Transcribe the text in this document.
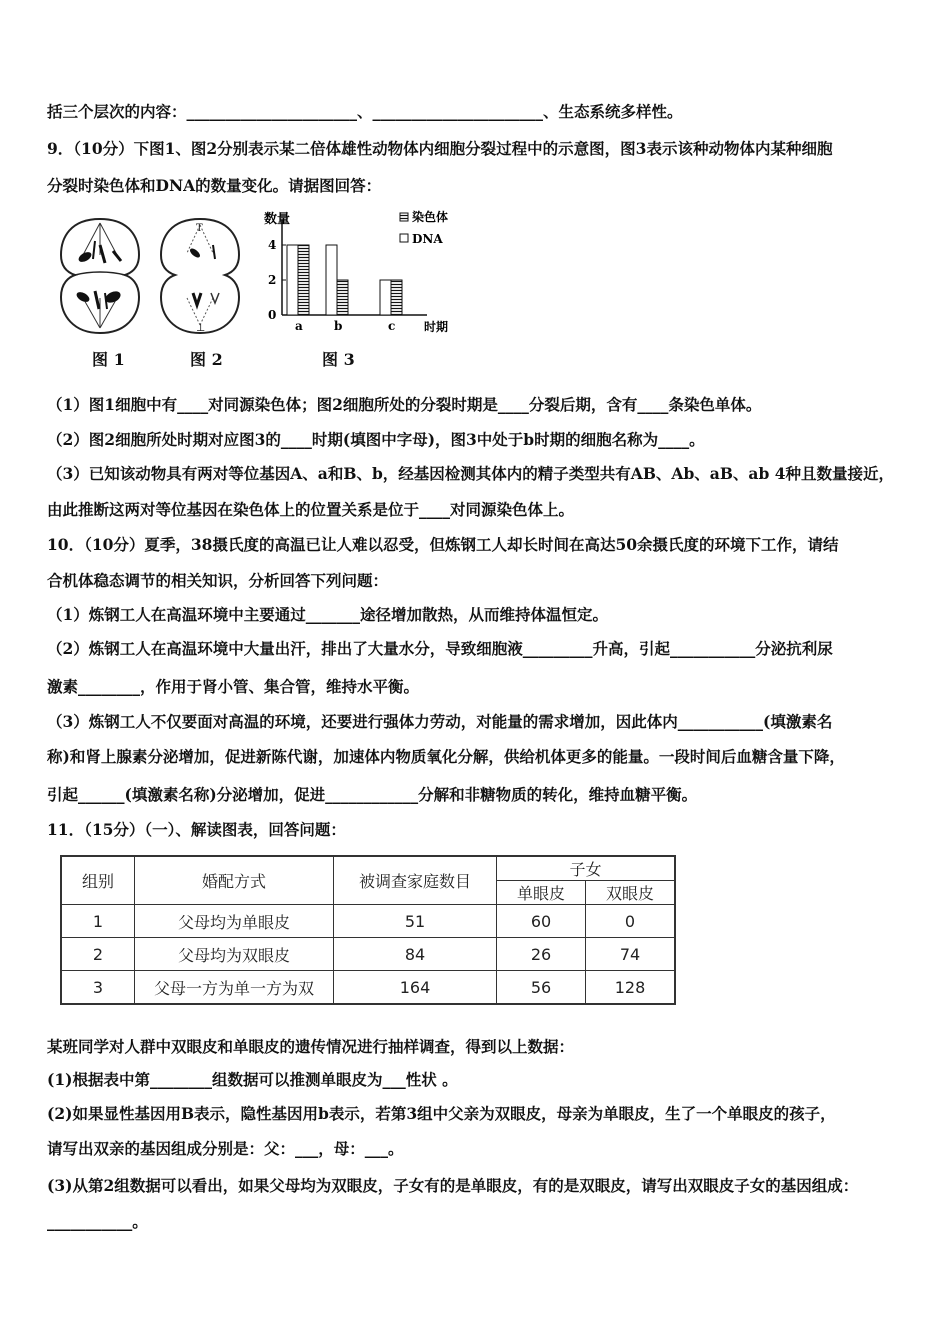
括三个层次的内容：______________________、______________________、生态系统多样性。
9．（10分）下图1、图2分别表示某二倍体雄性动物体内细胞分裂过程中的示意图，图3表示该种动物体内某种细胞
分裂时染色体和DNA的数量变化。请据图回答：
图 1
T
⊥
图 2
数量
时期
染色体
DNA
0
2
4
a	b	c
图 3
（1）图1细胞中有____对同源染色体；图2细胞所处的分裂时期是____分裂后期，含有____条染色单体。
（2）图2细胞所处时期对应图3的____时期(填图中字母)，图3中处于b时期的细胞名称为____。
（3）已知该动物具有两对等位基因A、a和B、b，经基因检测其体内的精子类型共有AB、Ab、aB、ab 4种且数量接近，
由此推断这两对等位基因在染色体上的位置关系是位于____对同源染色体上。
10．（10分）夏季，38摄氏度的高温已让人难以忍受，但炼钢工人却长时间在高达50余摄氏度的环境下工作，请结
合机体稳态调节的相关知识，分析回答下列问题：
（1）炼钢工人在高温环境中主要通过_______途径增加散热，从而维持体温恒定。
（2）炼钢工人在高温环境中大量出汗，排出了大量水分，导致细胞液_________升高，引起___________分泌抗利尿
激素________，作用于肾小管、集合管，维持水平衡。
（3）炼钢工人不仅要面对高温的环境，还要进行强体力劳动，对能量的需求增加，因此体内___________(填激素名
称)和肾上腺素分泌增加，促进新陈代谢，加速体内物质氧化分解，供给机体更多的能量。一段时间后血糖含量下降，
引起______(填激素名称)分泌增加，促进____________分解和非糖物质的转化，维持血糖平衡。
11．（15分）（一）、解读图表，回答问题：
组别	婚配方式	被调查家庭数目	子女	
			单眼皮	双眼皮
1	父母均为单眼皮	51	60	0
2	父母均为双眼皮	84	26	74
3	父母一方为单一方为双	164	56	128
某班同学对人群中双眼皮和单眼皮的遗传情况进行抽样调查，得到以上数据：
(1)根据表中第________组数据可以推测单眼皮为___性状 。
(2)如果显性基因用B表示，隐性基因用b表示，若第3组中父亲为双眼皮，母亲为单眼皮，生了一个单眼皮的孩子，
请写出双亲的基因组成分别是：父：___，母：___。
(3)从第2组数据可以看出，如果父母均为双眼皮，子女有的是单眼皮，有的是双眼皮，请写出双眼皮子女的基因组成：
___________。
